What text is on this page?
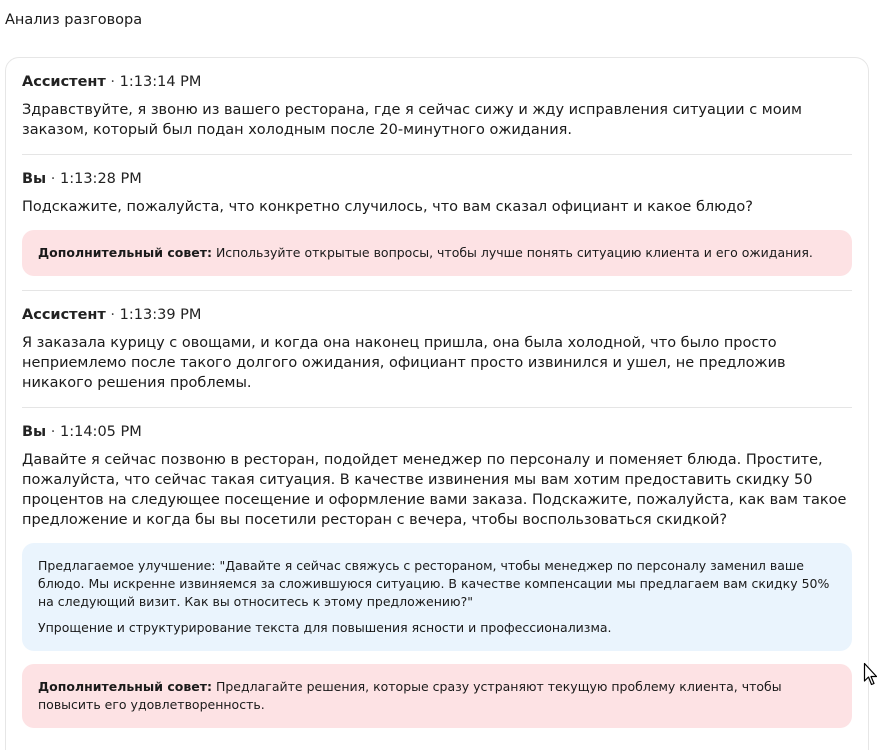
Анализ разговора
Ассистент · 1:13:14 PM
Здравствуйте, я звоню из вашего ресторана, где я сейчас сижу и жду исправления ситуации с моим заказом, который был подан холодным после 20-минутного ожидания.
Вы · 1:13:28 PM
Подскажите, пожалуйста, что конкретно случилось, что вам сказал официант и какое блюдо?
Дополнительный совет: Используйте открытые вопросы, чтобы лучше понять ситуацию клиента и его ожидания.
Ассистент · 1:13:39 PM
Я заказала курицу с овощами, и когда она наконец пришла, она была холодной, что было просто неприемлемо после такого долгого ожидания, официант просто извинился и ушел, не предложив никакого решения проблемы.
Вы · 1:14:05 PM
Давайте я сейчас позвоню в ресторан, подойдет менеджер по персоналу и поменяет блюда. Простите, пожалуйста, что сейчас такая ситуация. В качестве извинения мы вам хотим предоставить скидку 50 процентов на следующее посещение и оформление вами заказа. Подскажите, пожалуйста, как вам такое предложение и когда бы вы посетили ресторан с вечера, чтобы воспользоваться скидкой?
Предлагаемое улучшение: "Давайте я сейчас свяжусь с рестораном, чтобы менеджер по персоналу заменил ваше блюдо. Мы искренне извиняемся за сложившуюся ситуацию. В качестве компенсации мы предлагаем вам скидку 50% на следующий визит. Как вы относитесь к этому предложению?"
Упрощение и структурирование текста для повышения ясности и профессионализма.
Дополнительный совет: Предлагайте решения, которые сразу устраняют текущую проблему клиента, чтобы повысить его удовлетворенность.
